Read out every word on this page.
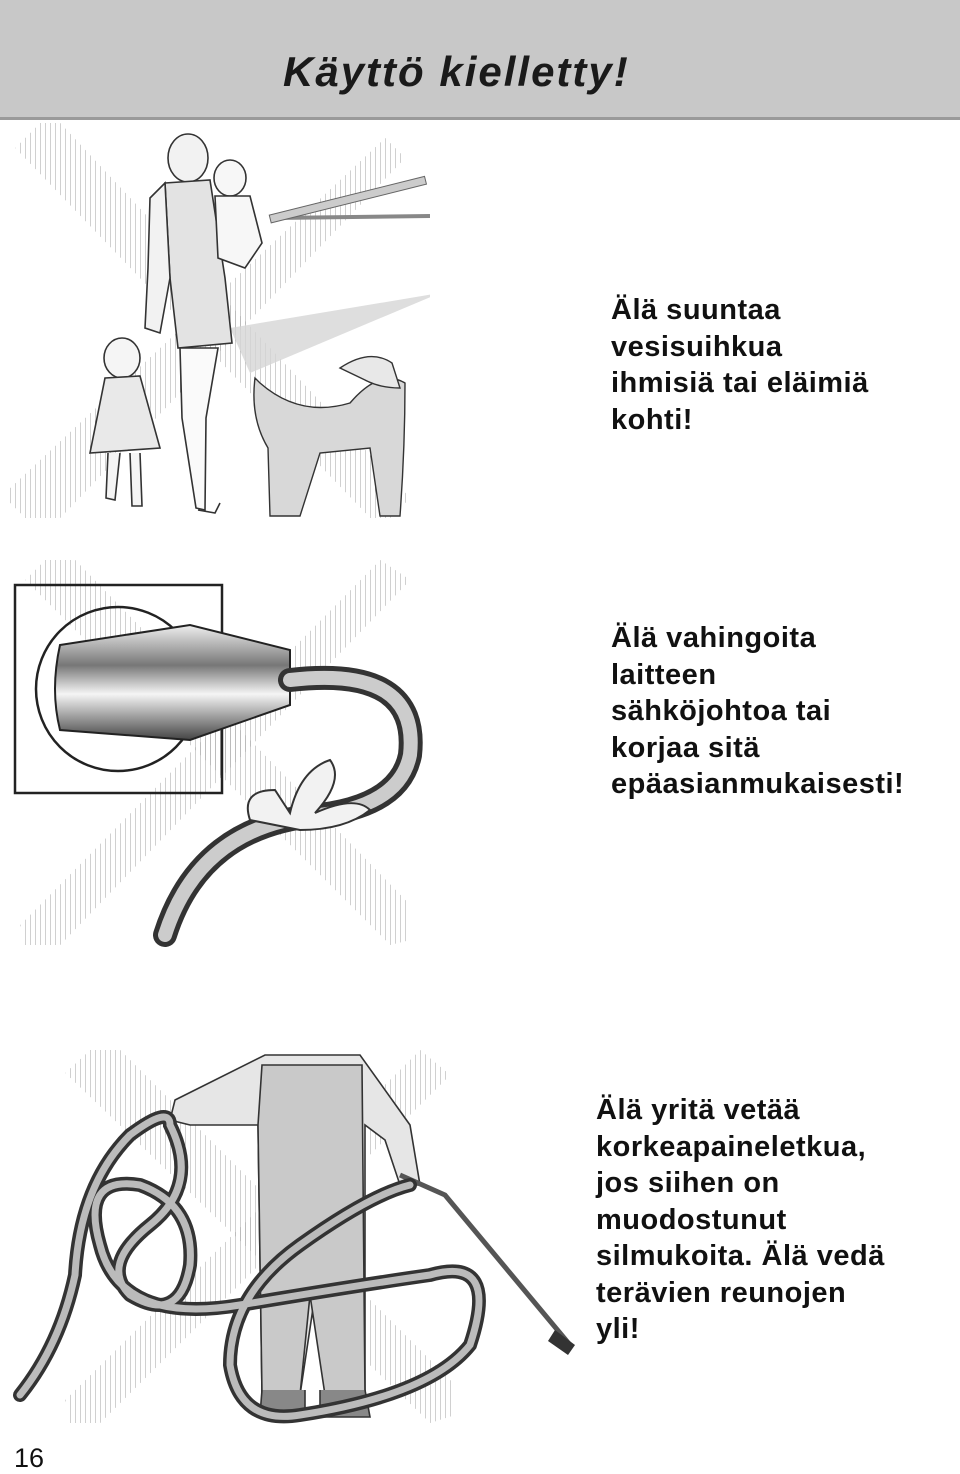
Käyttö kielletty!

Älä suuntaa
vesisuihkua
ihmisiä tai eläimiä
kohti!

Älä vahingoita
laitteen
sähköjohtoa tai
korjaa sitä
epäasianmukaisesti!

Älä yritä vetää
korkeapaineletkua,
jos siihen on
muodostunut
silmukoita. Älä vedä
terävien reunojen
yli!

16
